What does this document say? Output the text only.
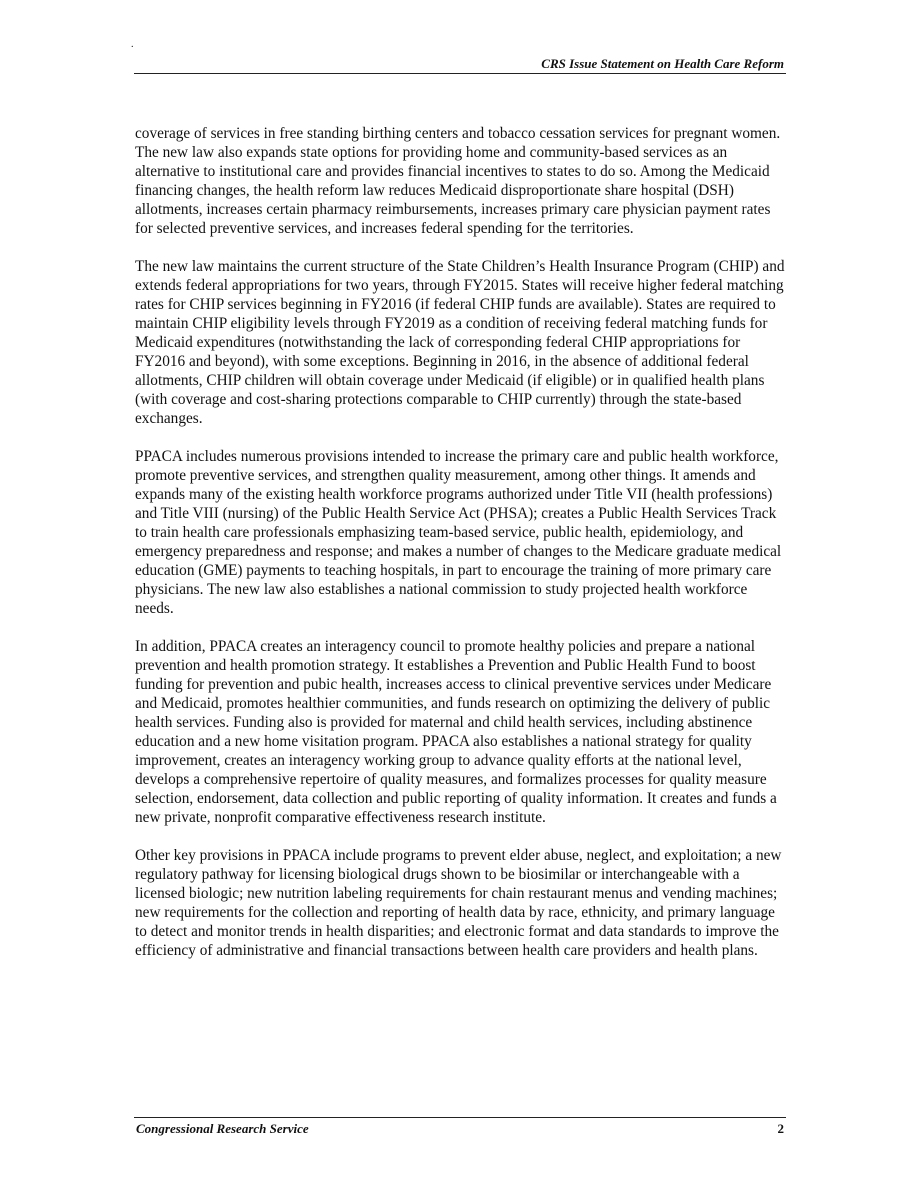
.
CRS Issue Statement on Health Care Reform

coverage of services in free standing birthing centers and tobacco cessation services for pregnant women. The new law also expands state options for providing home and community-based services as an alternative to institutional care and provides financial incentives to states to do so. Among the Medicaid financing changes, the health reform law reduces Medicaid disproportionate share hospital (DSH) allotments, increases certain pharmacy reimbursements, increases primary care physician payment rates for selected preventive services, and increases federal spending for the territories.

The new law maintains the current structure of the State Children’s Health Insurance Program (CHIP) and extends federal appropriations for two years, through FY2015. States will receive higher federal matching rates for CHIP services beginning in FY2016 (if federal CHIP funds are available). States are required to maintain CHIP eligibility levels through FY2019 as a condition of receiving federal matching funds for Medicaid expenditures (notwithstanding the lack of corresponding federal CHIP appropriations for FY2016 and beyond), with some exceptions. Beginning in 2016, in the absence of additional federal allotments, CHIP children will obtain coverage under Medicaid (if eligible) or in qualified health plans (with coverage and cost-sharing protections comparable to CHIP currently) through the state-based exchanges.

PPACA includes numerous provisions intended to increase the primary care and public health workforce, promote preventive services, and strengthen quality measurement, among other things. It amends and expands many of the existing health workforce programs authorized under Title VII (health professions) and Title VIII (nursing) of the Public Health Service Act (PHSA); creates a Public Health Services Track to train health care professionals emphasizing team-based service, public health, epidemiology, and emergency preparedness and response; and makes a number of changes to the Medicare graduate medical education (GME) payments to teaching hospitals, in part to encourage the training of more primary care physicians. The new law also establishes a national commission to study projected health workforce needs.

In addition, PPACA creates an interagency council to promote healthy policies and prepare a national prevention and health promotion strategy. It establishes a Prevention and Public Health Fund to boost funding for prevention and pubic health, increases access to clinical preventive services under Medicare and Medicaid, promotes healthier communities, and funds research on optimizing the delivery of public health services. Funding also is provided for maternal and child health services, including abstinence education and a new home visitation program. PPACA also establishes a national strategy for quality improvement, creates an interagency working group to advance quality efforts at the national level, develops a comprehensive repertoire of quality measures, and formalizes processes for quality measure selection, endorsement, data collection and public reporting of quality information. It creates and funds a new private, nonprofit comparative effectiveness research institute.

Other key provisions in PPACA include programs to prevent elder abuse, neglect, and exploitation; a new regulatory pathway for licensing biological drugs shown to be biosimilar or interchangeable with a licensed biologic; new nutrition labeling requirements for chain restaurant menus and vending machines; new requirements for the collection and reporting of health data by race, ethnicity, and primary language to detect and monitor trends in health disparities; and electronic format and data standards to improve the efficiency of administrative and financial transactions between health care providers and health plans.

Congressional Research Service	2
